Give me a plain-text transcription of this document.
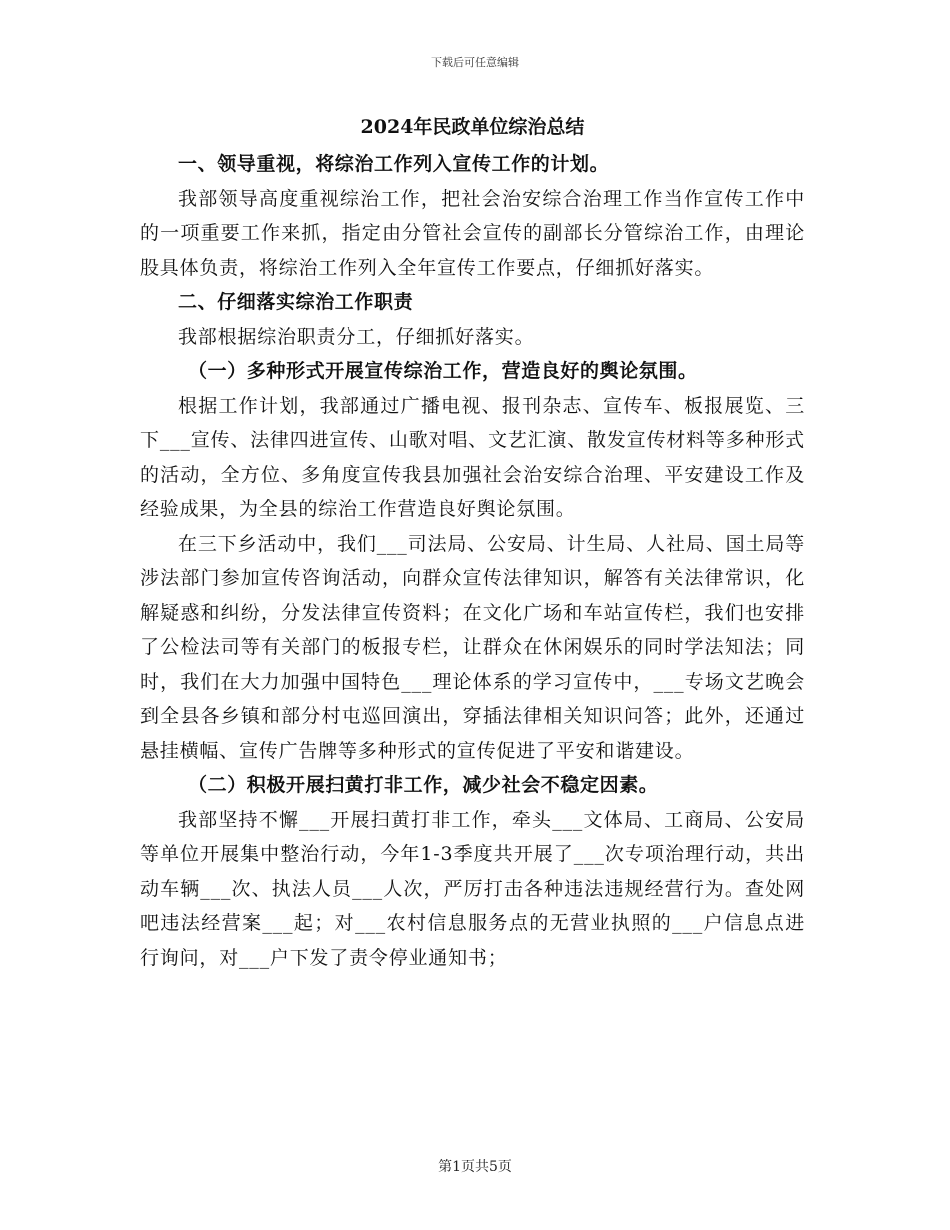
下载后可任意编辑
2024年民政单位综治总结

一、领导重视，将综治工作列入宣传工作的计划。

我部领导高度重视综治工作，把社会治安综合治理工作当作宣传工作中的一项重要工作来抓，指定由分管社会宣传的副部长分管综治工作，由理论股具体负责，将综治工作列入全年宣传工作要点，仔细抓好落实。

二、仔细落实综治工作职责

我部根据综治职责分工，仔细抓好落实。

（一）多种形式开展宣传综治工作，营造良好的舆论氛围。

根据工作计划，我部通过广播电视、报刊杂志、宣传车、板报展览、三下___宣传、法律四进宣传、山歌对唱、文艺汇演、散发宣传材料等多种形式的活动，全方位、多角度宣传我县加强社会治安综合治理、平安建设工作及经验成果，为全县的综治工作营造良好舆论氛围。

在三下乡活动中，我们___司法局、公安局、计生局、人社局、国土局等涉法部门参加宣传咨询活动，向群众宣传法律知识，解答有关法律常识，化解疑惑和纠纷，分发法律宣传资料；在文化广场和车站宣传栏，我们也安排了公检法司等有关部门的板报专栏，让群众在休闲娱乐的同时学法知法；同时，我们在大力加强中国特色___理论体系的学习宣传中，___专场文艺晚会到全县各乡镇和部分村屯巡回演出，穿插法律相关知识问答；此外，还通过悬挂横幅、宣传广告牌等多种形式的宣传促进了平安和谐建设。

（二）积极开展扫黄打非工作，减少社会不稳定因素。

我部坚持不懈___开展扫黄打非工作，牵头___文体局、工商局、公安局等单位开展集中整治行动，今年1-3季度共开展了___次专项治理行动，共出动车辆___次、执法人员___人次，严厉打击各种违法违规经营行为。查处网吧违法经营案___起；对___农村信息服务点的无营业执照的___户信息点进行询问，对___户下发了责令停业通知书；

第1页共5页
